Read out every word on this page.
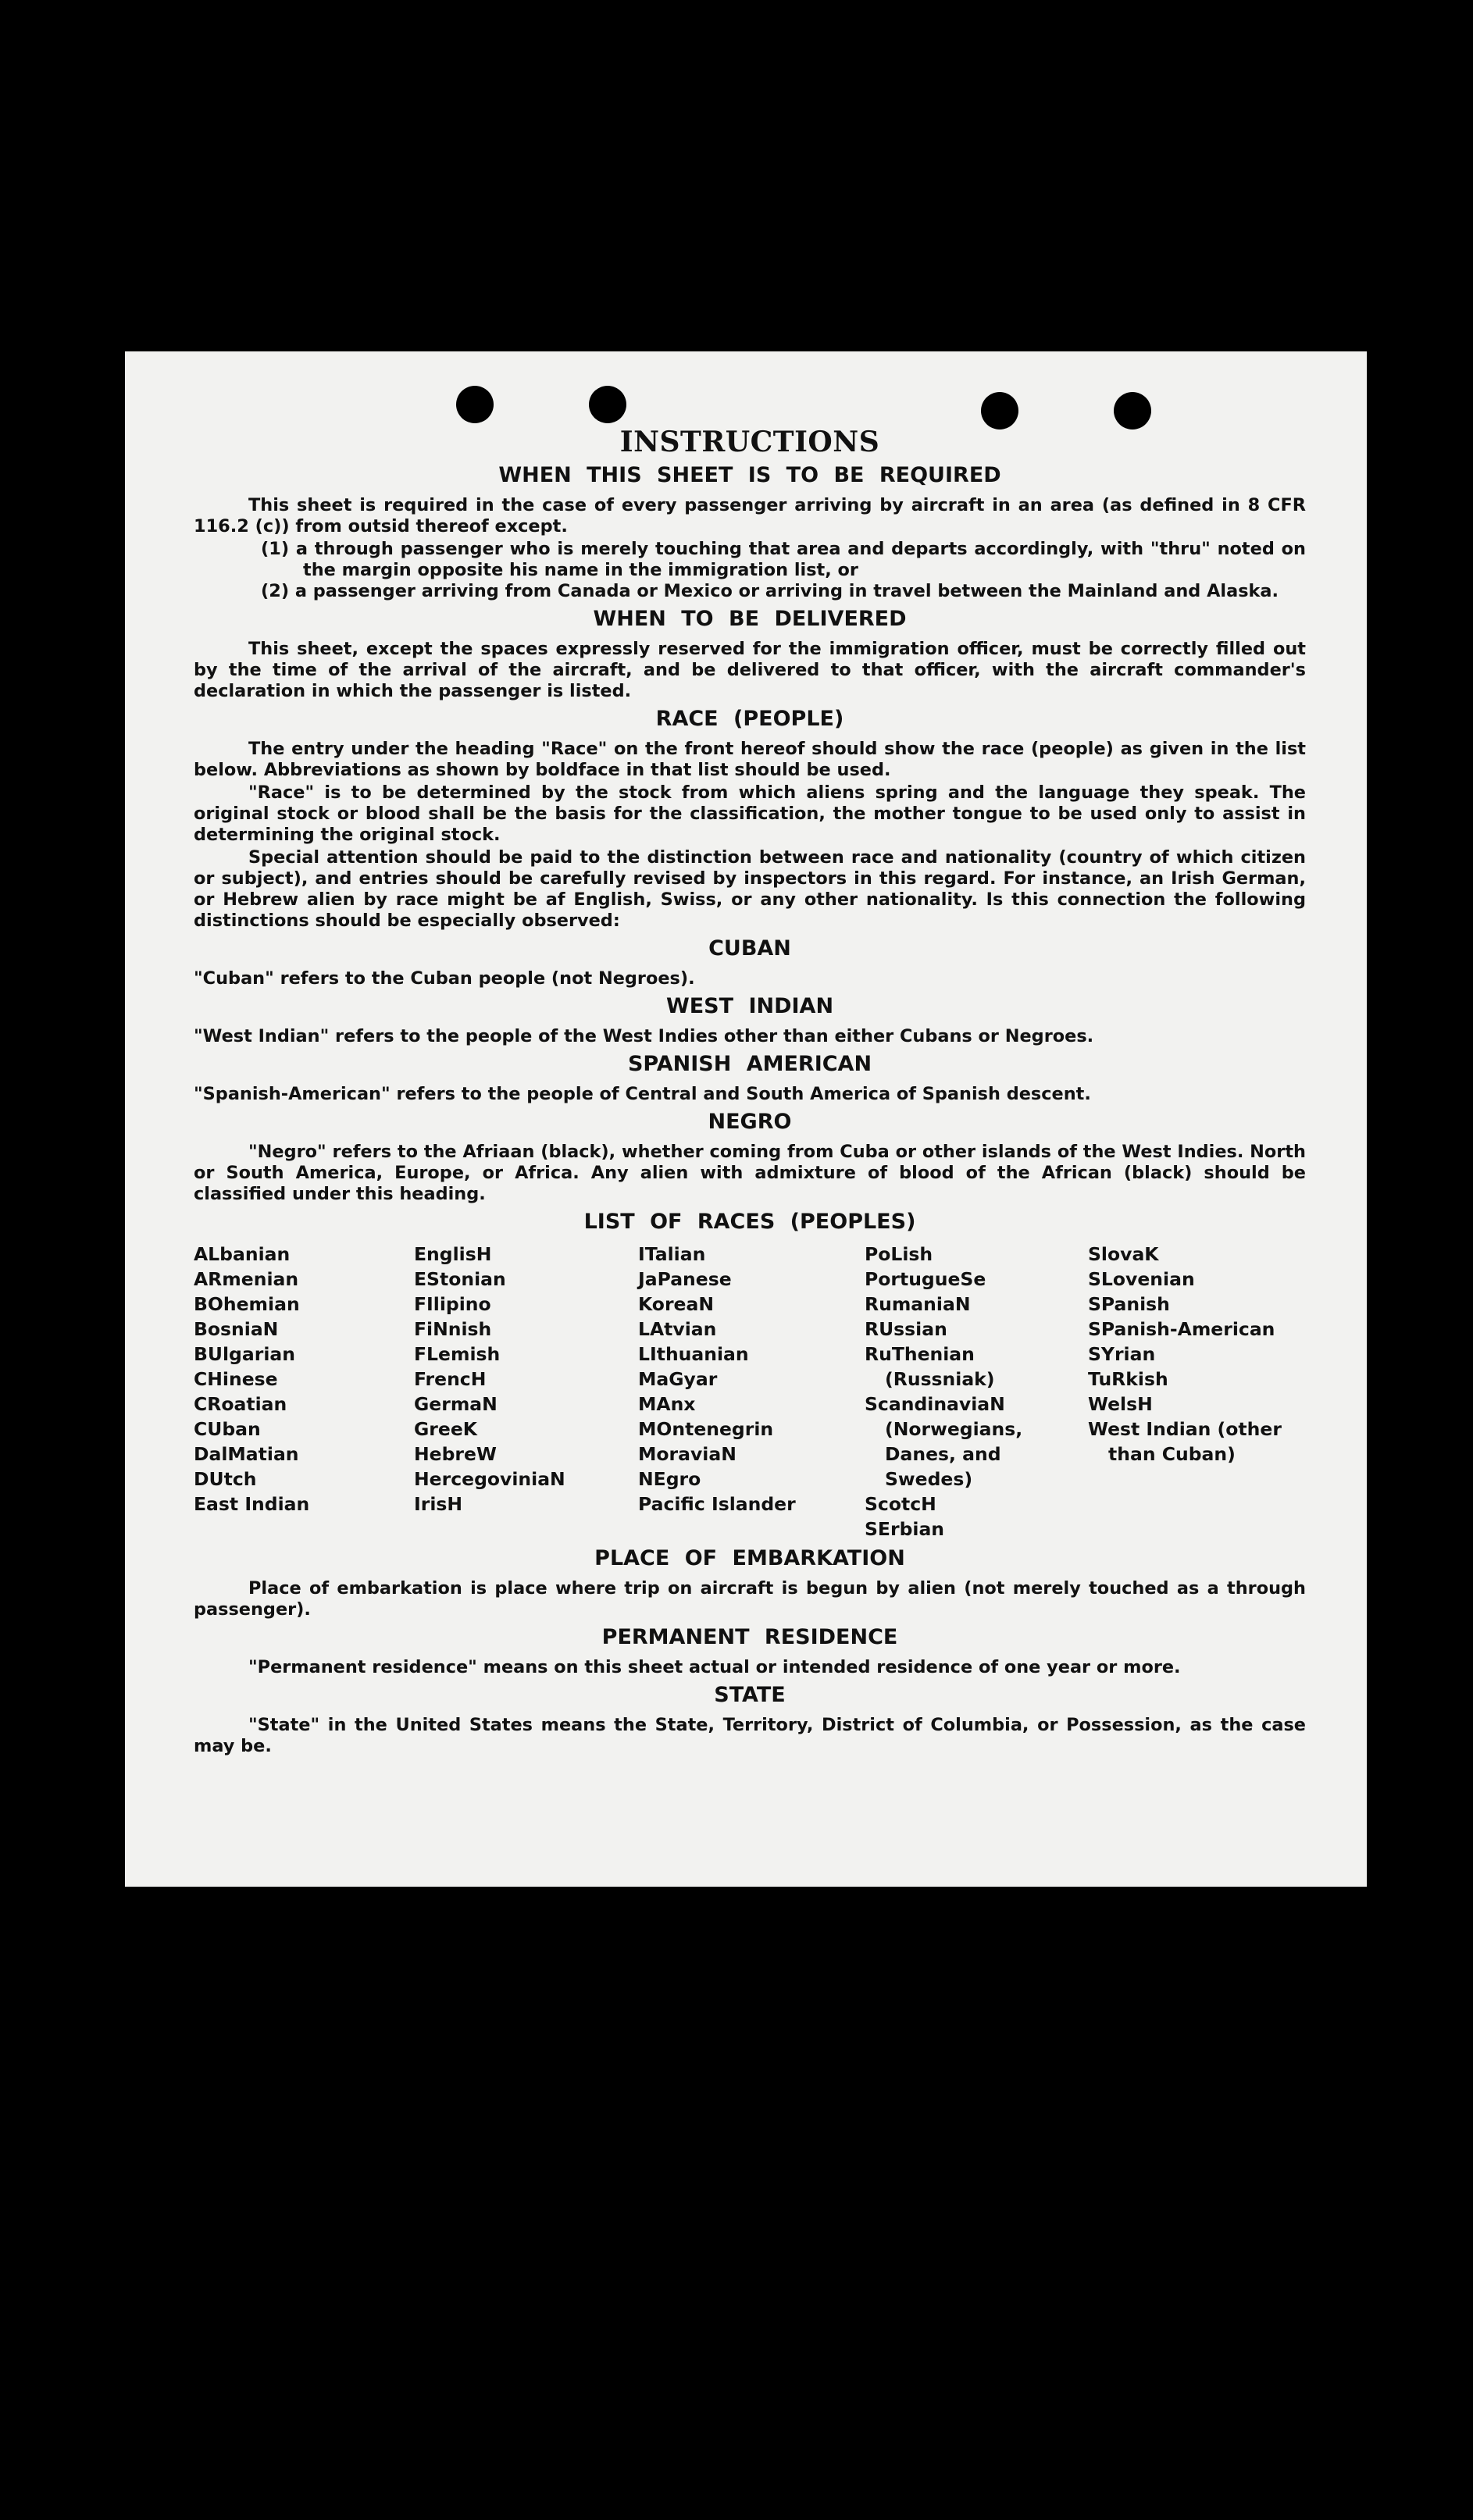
INSTRUCTIONS
WHEN THIS SHEET IS TO BE REQUIRED

This sheet is required in the case of every passenger arriving by aircraft in an area (as defined in 8 CFR 116.2 (c)) from outsid thereof except.

(1) a through passenger who is merely touching that area and departs accordingly, with "thru" noted on the margin opposite his name in the immigration list, or

(2) a passenger arriving from Canada or Mexico or arriving in travel between the Mainland and Alaska.

WHEN TO BE DELIVERED

This sheet, except the spaces expressly reserved for the immigration officer, must be correctly filled out by the time of the arrival of the aircraft, and be delivered to that officer, with the aircraft commander's declaration in which the passenger is listed.

RACE (PEOPLE)

The entry under the heading "Race" on the front hereof should show the race (people) as given in the list below. Abbreviations as shown by boldface in that list should be used.

"Race" is to be determined by the stock from which aliens spring and the language they speak. The original stock or blood shall be the basis for the classification, the mother tongue to be used only to assist in determining the original stock.

Special attention should be paid to the distinction between race and nationality (country of which citizen or subject), and entries should be carefully revised by inspectors in this regard. For instance, an Irish German, or Hebrew alien by race might be af English, Swiss, or any other nationality. Is this connection the following distinctions should be especially observed:

CUBAN

"Cuban" refers to the Cuban people (not Negroes).

WEST INDIAN

"West Indian" refers to the people of the West Indies other than either Cubans or Negroes.

SPANISH AMERICAN

"Spanish-American" refers to the people of Central and South America of Spanish descent.

NEGRO

"Negro" refers to the Afriaan (black), whether coming from Cuba or other islands of the West Indies. North or South America, Europe, or Africa. Any alien with admixture of blood of the African (black) should be classified under this heading.

LIST OF RACES (PEOPLES)
ALbanian
ARmenian
BOhemian
BosniaN
BUlgarian
CHinese
CRoatian
CUban
DalMatian
DUtch
East Indian
EnglisH
EStonian
FIlipino
FiNnish
FLemish
FrencH
GermaN
GreeK
HebreW
HercegoviniaN
IrisH
ITalian
JaPanese
KoreaN
LAtvian
LIthuanian
MaGyar
MAnx
MOntenegrin
MoraviaN
NEgro
Pacific Islander
PoLish
PortugueSe
RumaniaN
RUssian
RuThenian (Russniak)
ScandinaviaN (Norwegians, Danes, and Swedes)
ScotcH
SErbian
SlovaK
SLovenian
SPanish
SPanish-American
SYrian
TuRkish
WelsH
West Indian (other than Cuban)
PLACE OF EMBARKATION

Place of embarkation is place where trip on aircraft is begun by alien (not merely touched as a through passenger).

PERMANENT RESIDENCE

"Permanent residence" means on this sheet actual or intended residence of one year or more.

STATE

"State" in the United States means the State, Territory, District of Columbia, or Possession, as the case may be.
